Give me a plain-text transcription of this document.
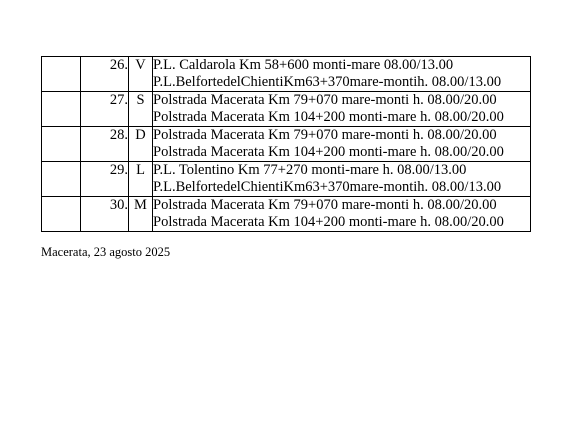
	26.	V	P.L. Caldarola Km 58+600 monti-mare 08.00/13.00
P.L.BelfortedelChientiKm63+370mare-montih. 08.00/13.00

	27.	S	Polstrada Macerata Km 79+070 mare-monti h. 08.00/20.00
Polstrada Macerata Km 104+200 monti-mare h. 08.00/20.00

	28.	D	Polstrada Macerata Km 79+070 mare-monti h. 08.00/20.00
Polstrada Macerata Km 104+200 monti-mare h. 08.00/20.00

	29.	L	P.L. Tolentino Km 77+270 monti-mare h. 08.00/13.00
P.L.BelfortedelChientiKm63+370mare-montih. 08.00/13.00

	30.	M	Polstrada Macerata Km 79+070 mare-monti h. 08.00/20.00
Polstrada Macerata Km 104+200 monti-mare h. 08.00/20.00
Macerata, 23 agosto 2025
